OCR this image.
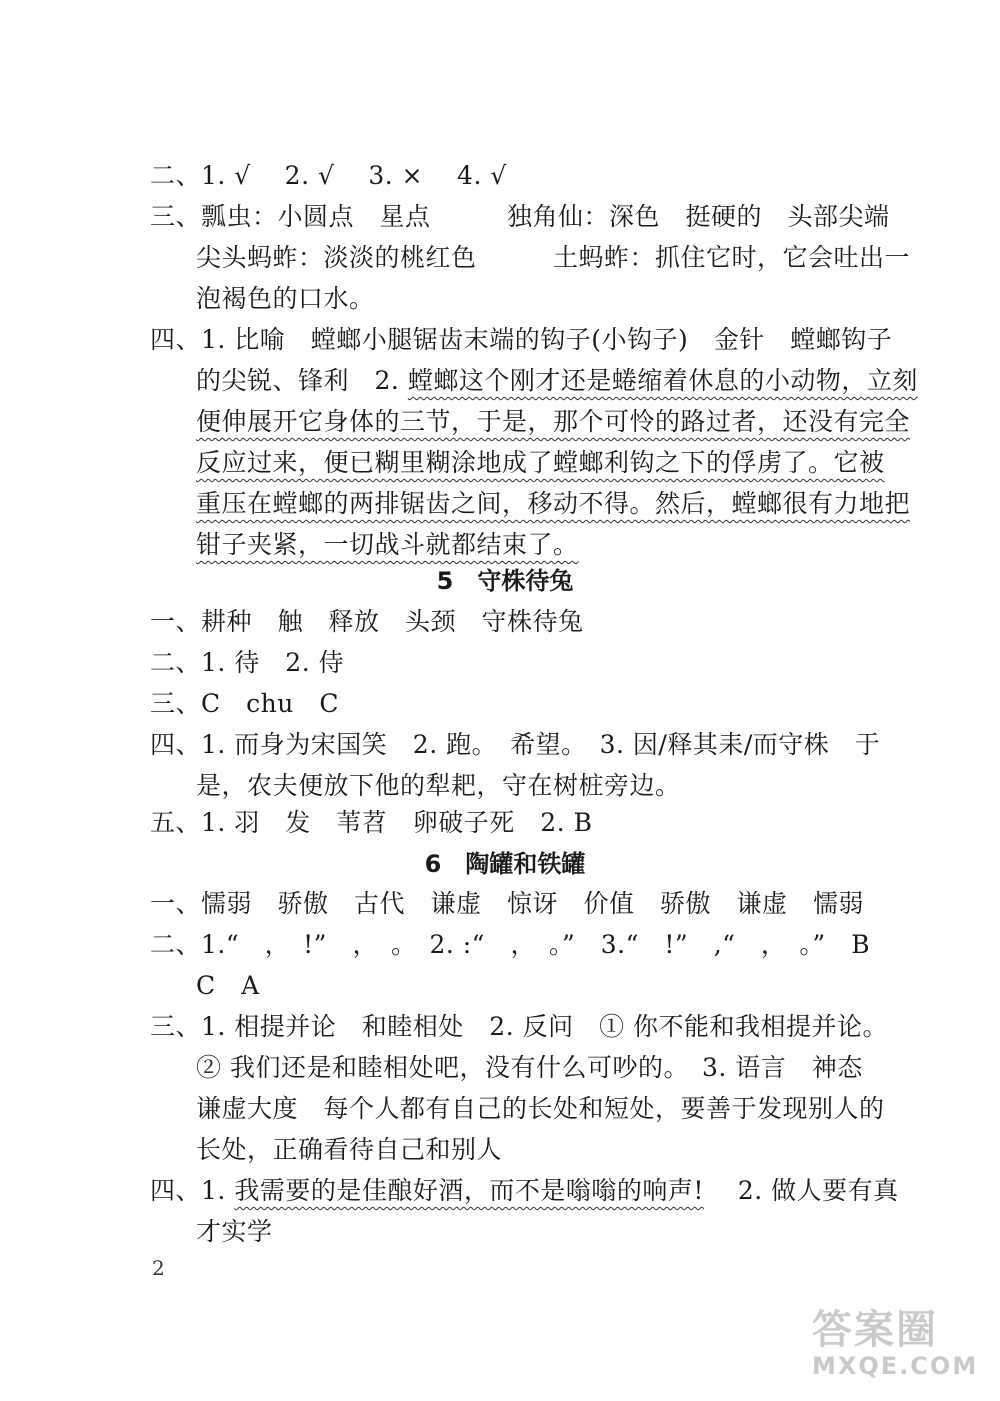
二、1. √　 2. √　 3. ×　 4. √
三、瓢虫：小圆点　星点　　　独角仙：深色　挺硬的　头部尖端
尖头蚂蚱：淡淡的桃红色　　　土蚂蚱：抓住它时，它会吐出一
泡褐色的口水。
四、1. 比喻　螳螂小腿锯齿末端的钩子(小钩子)　金针　螳螂钩子
的尖锐、锋利　2. 螳螂这个刚才还是蜷缩着休息的小动物，立刻
便伸展开它身体的三节，于是，那个可怜的路过者，还没有完全
反应过来，便已糊里糊涂地成了螳螂利钩之下的俘虏了。它被
重压在螳螂的两排锯齿之间，移动不得。然后，螳螂很有力地把
钳子夹紧，一切战斗就都结束了。
5　守株待兔
一、耕种　触　释放　头颈　守株待兔
二、1. 待　2. 侍
三、C　chu　C
四、1. 而身为宋国笑　2. 跑。　希望。　3. 因/释其耒/而守株　于
是，农夫便放下他的犁耙，守在树桩旁边。
五、1. 羽　发　苇苕　卵破子死　2. B
6　陶罐和铁罐
一、懦弱　骄傲　古代　谦虚　惊讶　价值　骄傲　谦虚　懦弱
二、1.“　，　!”　，　。　2. :“　，　。”　3.“　!”　,“　，　。”　B
C　A
三、1. 相提并论　和睦相处　2. 反问　① 你不能和我相提并论。
② 我们还是和睦相处吧，没有什么可吵的。　3. 语言　神态
谦虚大度　每个人都有自己的长处和短处，要善于发现别人的
长处，正确看待自己和别人
四、1. 我需要的是佳酿好酒，而不是嗡嗡的响声!　 2. 做人要有真
才实学
2
答案圈
MXQE.COM
